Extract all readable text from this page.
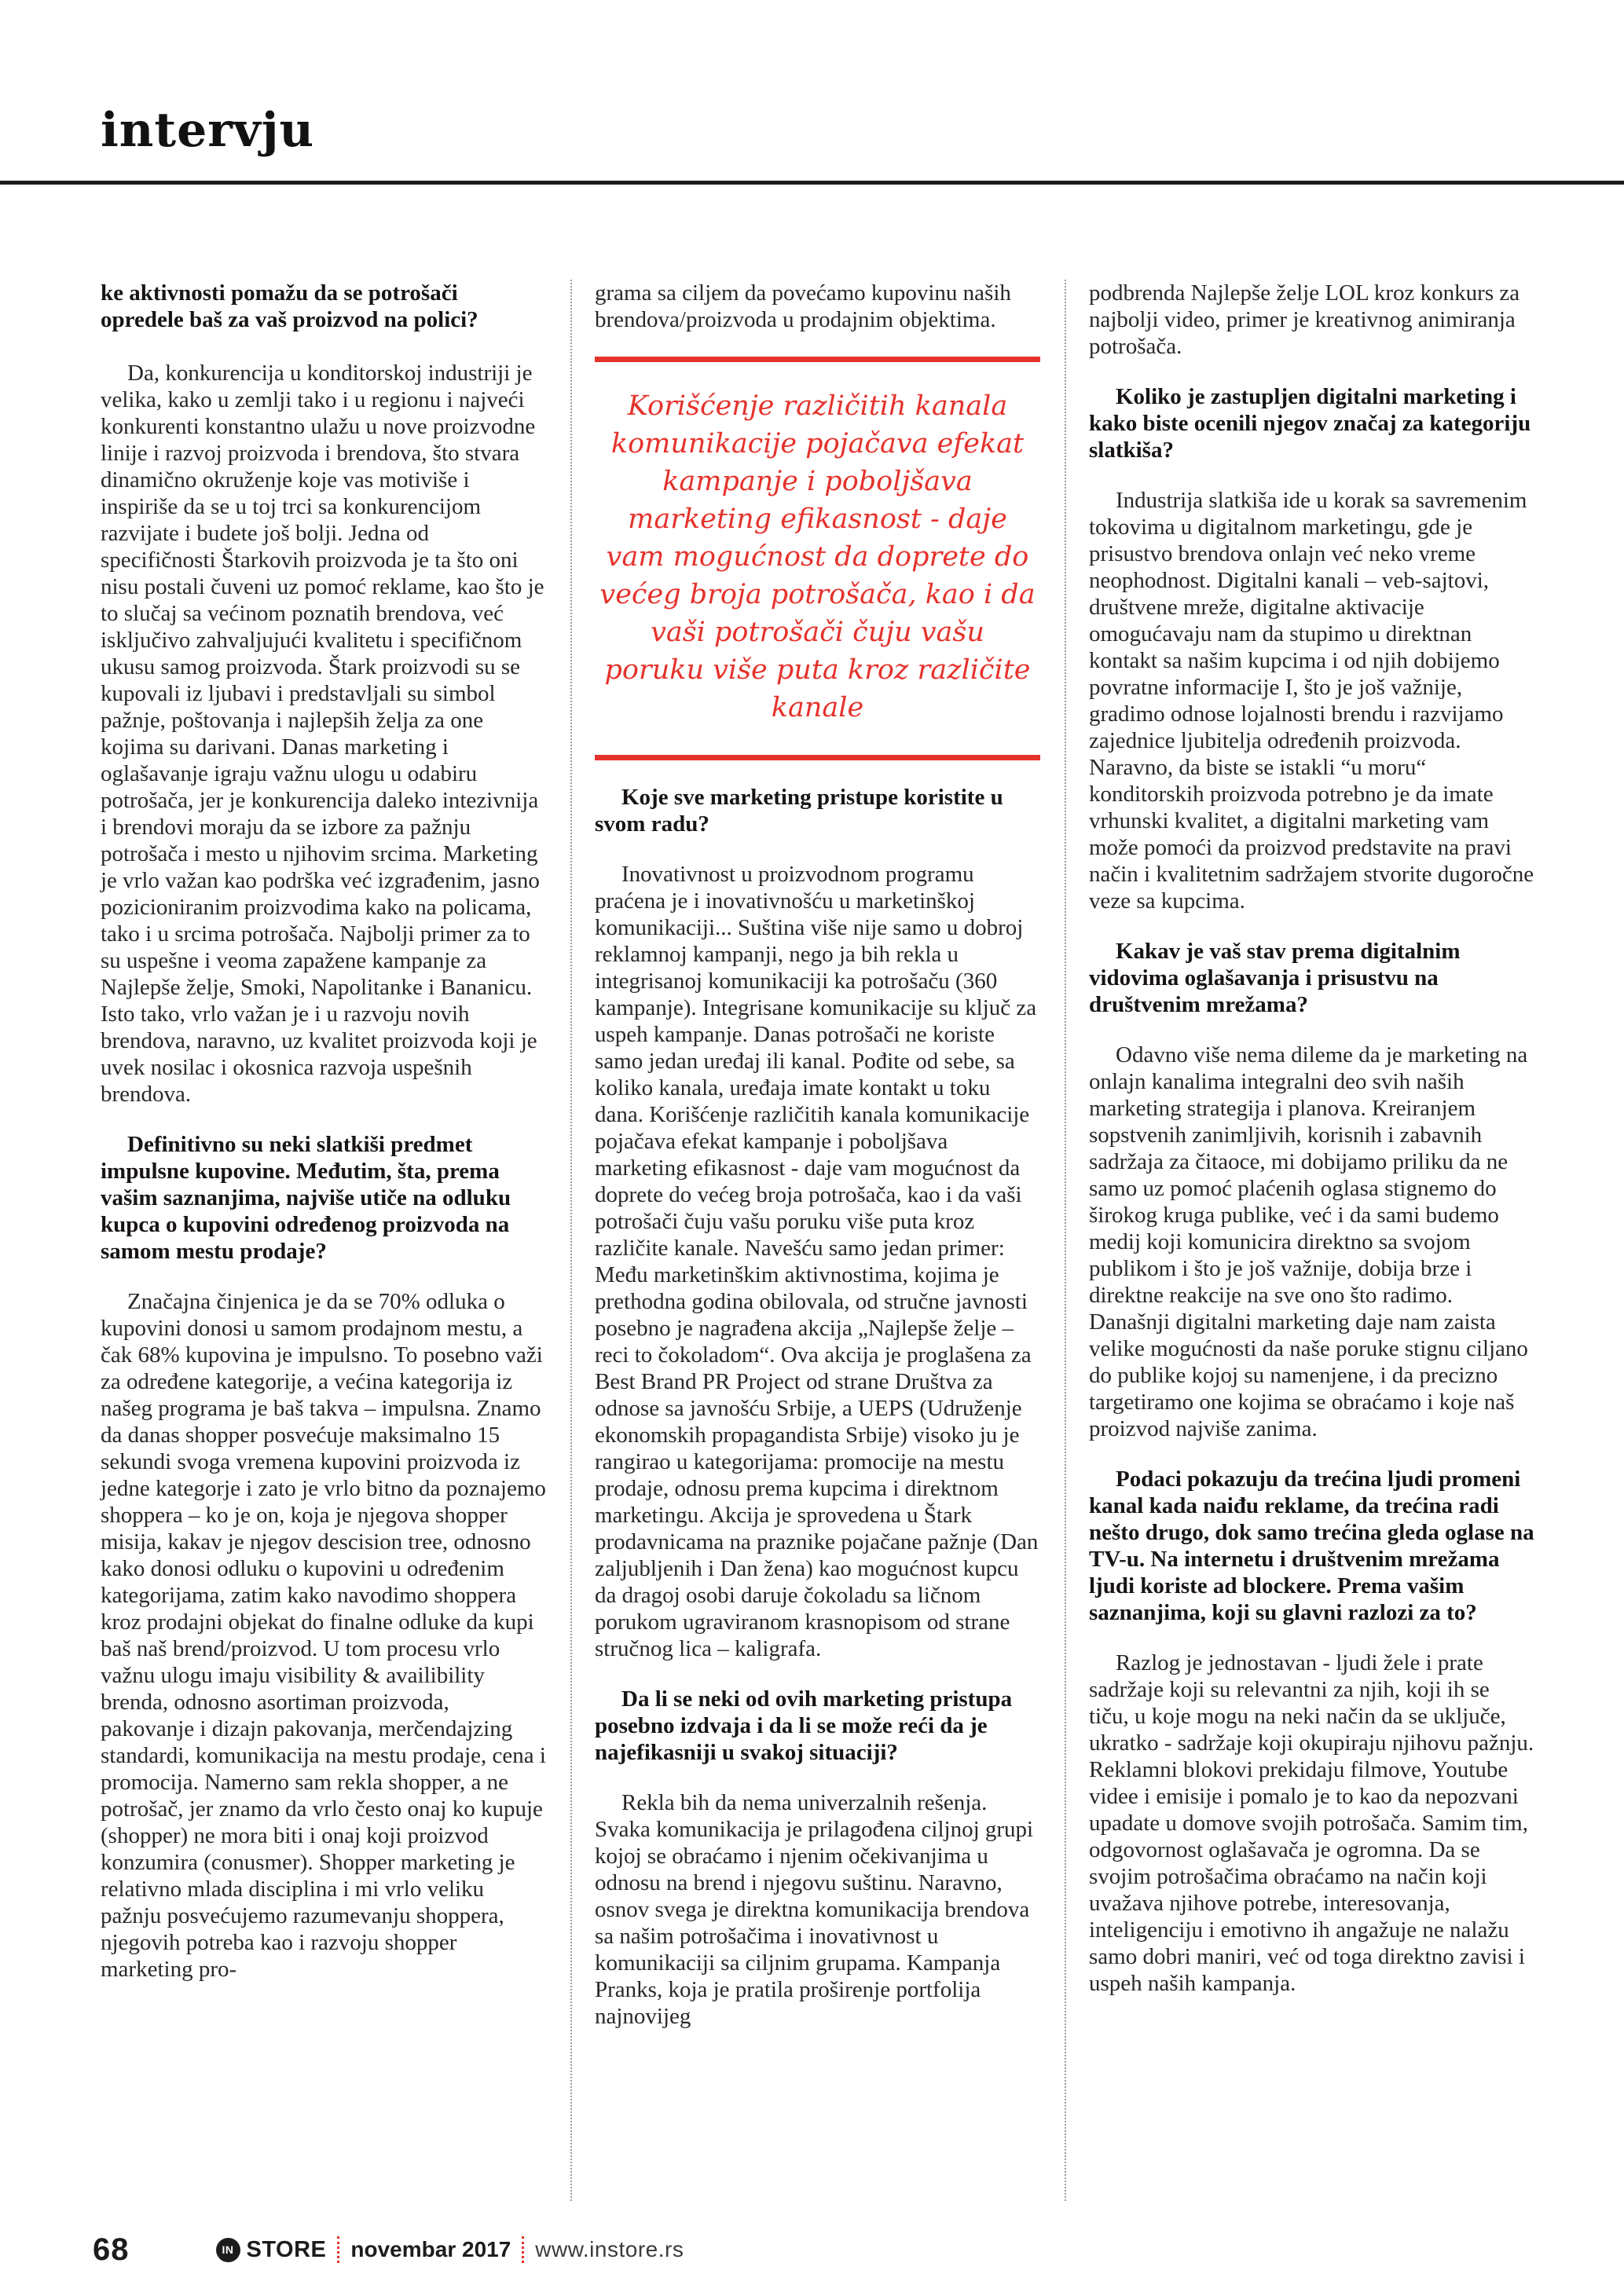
intervju

ke aktivnosti pomažu da se potrošači opredele baš za vaš proizvod na polici?

Da, konkurencija u konditorskoj industriji je velika, kako u zemlji tako i u regionu i najveći konkurenti konstantno ulažu u nove proizvodne linije i razvoj proizvoda i brendova, što stvara dinamično okruženje koje vas motiviše i inspiriše da se u toj trci sa konkurencijom razvijate i budete još bolji. Jedna od specifičnosti Štarkovih proizvoda je ta što oni nisu postali čuveni uz pomoć reklame, kao što je to slučaj sa većinom poznatih brendova, već isključivo zahvaljujući kvalitetu i specifičnom ukusu samog proizvoda. Štark proizvodi su se kupovali iz ljubavi i predstavljali su simbol pažnje, poštovanja i najlepših želja za one kojima su darivani. Danas marketing i oglašavanje igraju važnu ulogu u odabiru potrošača, jer je konkurencija daleko intezivnija i brendovi moraju da se izbore za pažnju potrošača i mesto u njihovim srcima. Marketing je vrlo važan kao podrška već izgrađenim, jasno pozicioniranim proizvodima kako na policama, tako i u srcima potrošača. Najbolji primer za to su uspešne i veoma zapažene kampanje za Najlepše želje, Smoki, Napolitanke i Bananicu. Isto tako, vrlo važan je i u razvoju novih brendova, naravno, uz kvalitet proizvoda koji je uvek nosilac i okosnica razvoja uspešnih brendova.

Definitivno su neki slatkiši predmet impulsne kupovine. Međutim, šta, prema vašim saznanjima, najviše utiče na odluku kupca o kupovini određenog proizvoda na samom mestu prodaje?

Značajna činjenica je da se 70% odluka o kupovini donosi u samom prodajnom mestu, a čak 68% kupovina je impulsno. To posebno važi za određene kategorije, a većina kategorija iz našeg programa je baš takva – impulsna. Znamo da danas shopper posvećuje maksimalno 15 sekundi svoga vremena kupovini proizvoda iz jedne kategorje i zato je vrlo bitno da poznajemo shoppera – ko je on, koja je njegova shopper misija, kakav je njegov descision tree, odnosno kako donosi odluku o kupovini u određenim kategorijama, zatim kako navodimo shoppera kroz prodajni objekat do finalne odluke da kupi baš naš brend/proizvod. U tom procesu vrlo važnu ulogu imaju visibility & availibility brenda, odnosno asortiman proizvoda, pakovanje i dizajn pakovanja, merčendajzing standardi, komunikacija na mestu prodaje, cena i promocija. Namerno sam rekla shopper, a ne potrošač, jer znamo da vrlo često onaj ko kupuje (shopper) ne mora biti i onaj koji proizvod konzumira (conusmer). Shopper marketing je relativno mlada disciplina i mi vrlo veliku pažnju posvećujemo razumevanju shoppera, njegovih potreba kao i razvoju shopper marketing pro-

grama sa ciljem da povećamo kupovinu naših brendova/proizvoda u prodajnim objektima.

Korišćenje različitih kanala komunikacije pojačava efekat kampanje i poboljšava marketing efikasnost - daje vam mogućnost da doprete do većeg broja potrošača, kao i da vaši potrošači čuju vašu poruku više puta kroz različite kanale

Koje sve marketing pristupe koristite u svom radu?

Inovativnost u proizvodnom programu praćena je i inovativnošću u marketinškoj komunikaciji... Suština više nije samo u dobroj reklamnoj kampanji, nego ja bih rekla u integrisanoj komunikaciji ka potrošaču (360 kampanje). Integrisane komunikacije su ključ za uspeh kampanje. Danas potrošači ne koriste samo jedan uređaj ili kanal. Pođite od sebe, sa koliko kanala, uređaja imate kontakt u toku dana. Korišćenje različitih kanala komunikacije pojačava efekat kampanje i poboljšava marketing efikasnost - daje vam mogućnost da doprete do većeg broja potrošača, kao i da vaši potrošači čuju vašu poruku više puta kroz različite kanale. Navešću samo jedan primer: Među marketinškim aktivnostima, kojima je prethodna godina obilovala, od stručne javnosti posebno je nagrađena akcija „Najlepše želje – reci to čokoladom“. Ova akcija je proglašena za Best Brand PR Project od strane Društva za odnose sa javnošću Srbije, a UEPS (Udruženje ekonomskih propagandista Srbije) visoko ju je rangirao u kategorijama: promocije na mestu prodaje, odnosu prema kupcima i direktnom marketingu. Akcija je sprovedena u Štark prodavnicama na praznike pojačane pažnje (Dan zaljubljenih i Dan žena) kao mogućnost kupcu da dragoj osobi daruje čokoladu sa ličnom porukom ugraviranom krasnopisom od strane stručnog lica – kaligrafa.

Da li se neki od ovih marketing pristupa posebno izdvaja i da li se može reći da je najefikasniji u svakoj situaciji?

Rekla bih da nema univerzalnih rešenja. Svaka komunikacija je prilagođena ciljnoj grupi kojoj se obraćamo i njenim očekivanjima u odnosu na brend i njegovu suštinu. Naravno, osnov svega je direktna komunikacija brendova sa našim potrošačima i inovativnost u komunikaciji sa ciljnim grupama. Kampanja Pranks, koja je pratila proširenje portfolija najnovijeg

podbrenda Najlepše želje LOL kroz konkurs za najbolji video, primer je kreativnog animiranja potrošača.

Koliko je zastupljen digitalni marketing i kako biste ocenili njegov značaj za kategoriju slatkiša?

Industrija slatkiša ide u korak sa savremenim tokovima u digitalnom marketingu, gde je prisustvo brendova onlajn već neko vreme neophodnost. Digitalni kanali – veb-sajtovi, društvene mreže, digitalne aktivacije omogućavaju nam da stupimo u direktnan kontakt sa našim kupcima i od njih dobijemo povratne informacije I, što je još važnije, gradimo odnose lojalnosti brendu i razvijamo zajednice ljubitelja određenih proizvoda. Naravno, da biste se istakli “u moru“ konditorskih proizvoda potrebno je da imate vrhunski kvalitet, a digitalni marketing vam može pomoći da proizvod predstavite na pravi način i kvalitetnim sadržajem stvorite dugoročne veze sa kupcima.

Kakav je vaš stav prema digitalnim vidovima oglašavanja i prisustvu na društvenim mrežama?

Odavno više nema dileme da je marketing na onlajn kanalima integralni deo svih naših marketing strategija i planova. Kreiranjem sopstvenih zanimljivih, korisnih i zabavnih sadržaja za čitaoce, mi dobijamo priliku da ne samo uz pomoć plaćenih oglasa stignemo do širokog kruga publike, već i da sami budemo medij koji komunicira direktno sa svojom publikom i što je još važnije, dobija brze i direktne reakcije na sve ono što radimo. Današnji digitalni marketing daje nam zaista velike mogućnosti da naše poruke stignu ciljano do publike kojoj su namenjene, i da precizno targetiramo one kojima se obraćamo i koje naš proizvod najviše zanima.

Podaci pokazuju da trećina ljudi promeni kanal kada naiđu reklame, da trećina radi nešto drugo, dok samo trećina gleda oglase na TV-u. Na internetu i društvenim mrežama ljudi koriste ad blockere. Prema vašim saznanjima, koji su glavni razlozi za to?

Razlog je jednostavan - ljudi žele i prate sadržaje koji su relevantni za njih, koji ih se tiču, u koje mogu na neki način da se uključe, ukratko - sadržaje koji okupiraju njihovu pažnju. Reklamni blokovi prekidaju filmove, Youtube videe i emisije i pomalo je to kao da nepozvani upadate u domove svojih potrošača. Samim tim, odgovornost oglašavača je ogromna. Da se svojim potrošačima obraćamo na način koji uvažava njihove potrebe, interesovanja, inteligenciju i emotivno ih angažuje ne nalažu samo dobri maniri, već od toga direktno zavisi i uspeh naših kampanja.

68	IN STORE novembar 2017 www.instore.rs
